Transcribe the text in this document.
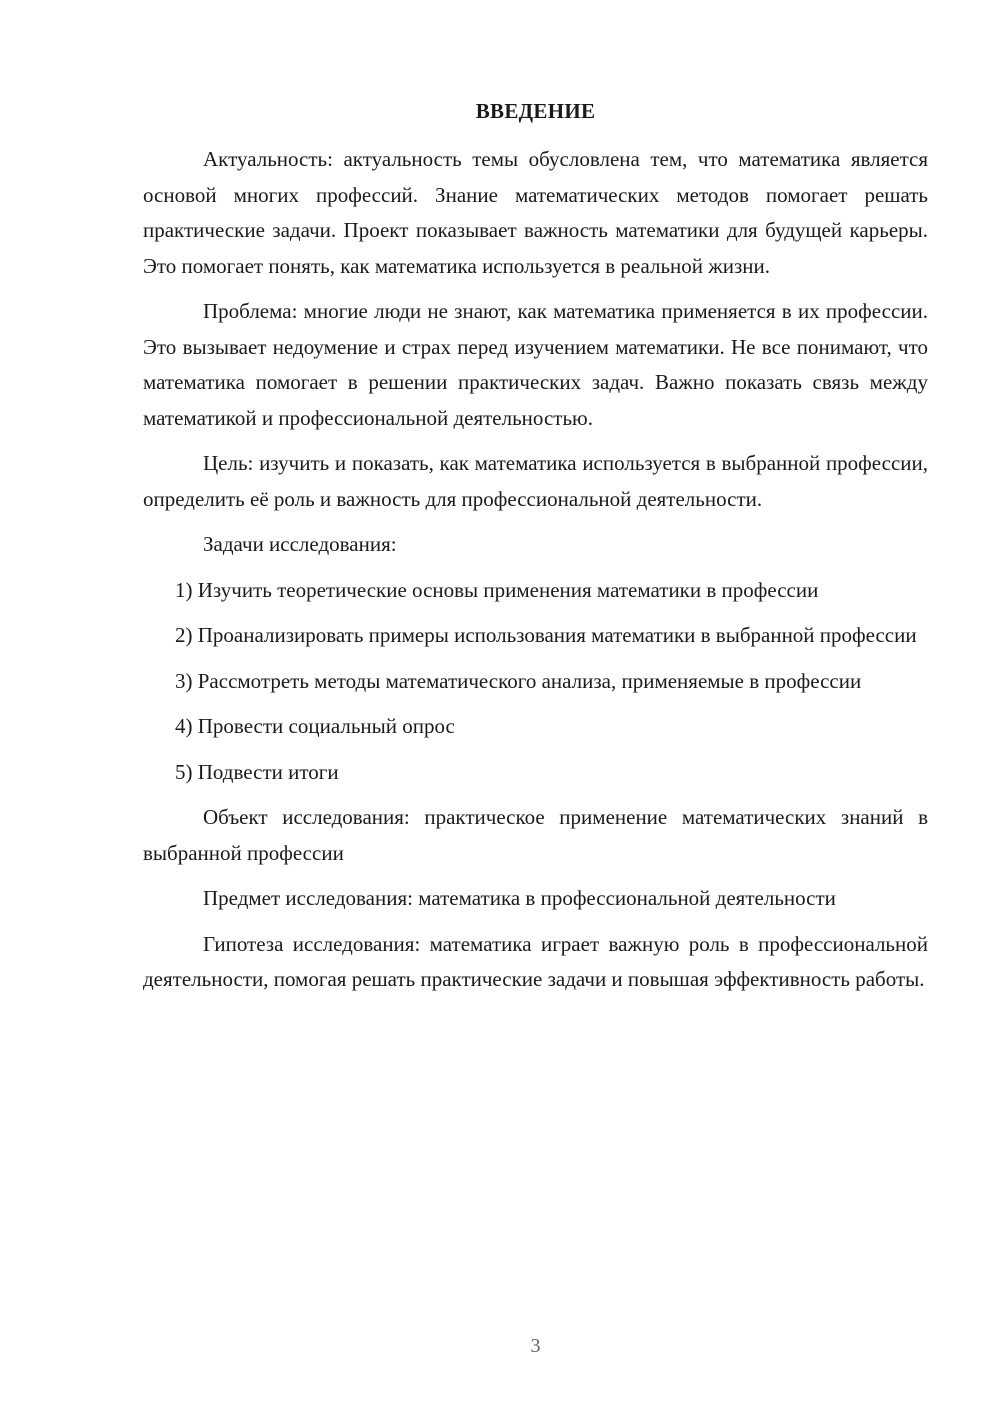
ВВЕДЕНИЕ

Актуальность: актуальность темы обусловлена тем, что математика является основой многих профессий. Знание математических методов помогает решать практические задачи. Проект показывает важность математики для будущей карьеры. Это помогает понять, как математика используется в реальной жизни.

Проблема: многие люди не знают, как математика применяется в их профессии. Это вызывает недоумение и страх перед изучением математики. Не все понимают, что математика помогает в решении практических задач. Важно показать связь между математикой и профессиональной деятельностью.

Цель: изучить и показать, как математика используется в выбранной профессии, определить её роль и важность для профессиональной деятельности.

Задачи исследования:

1) Изучить теоретические основы применения математики в профессии

2) Проанализировать примеры использования математики в выбранной профессии

3) Рассмотреть методы математического анализа, применяемые в профессии

4) Провести социальный опрос

5) Подвести итоги

Объект исследования: практическое применение математических знаний в выбранной профессии

Предмет исследования: математика в профессиональной деятельности

Гипотеза исследования: математика играет важную роль в профессиональной деятельности, помогая решать практические задачи и повышая эффективность работы.

3
